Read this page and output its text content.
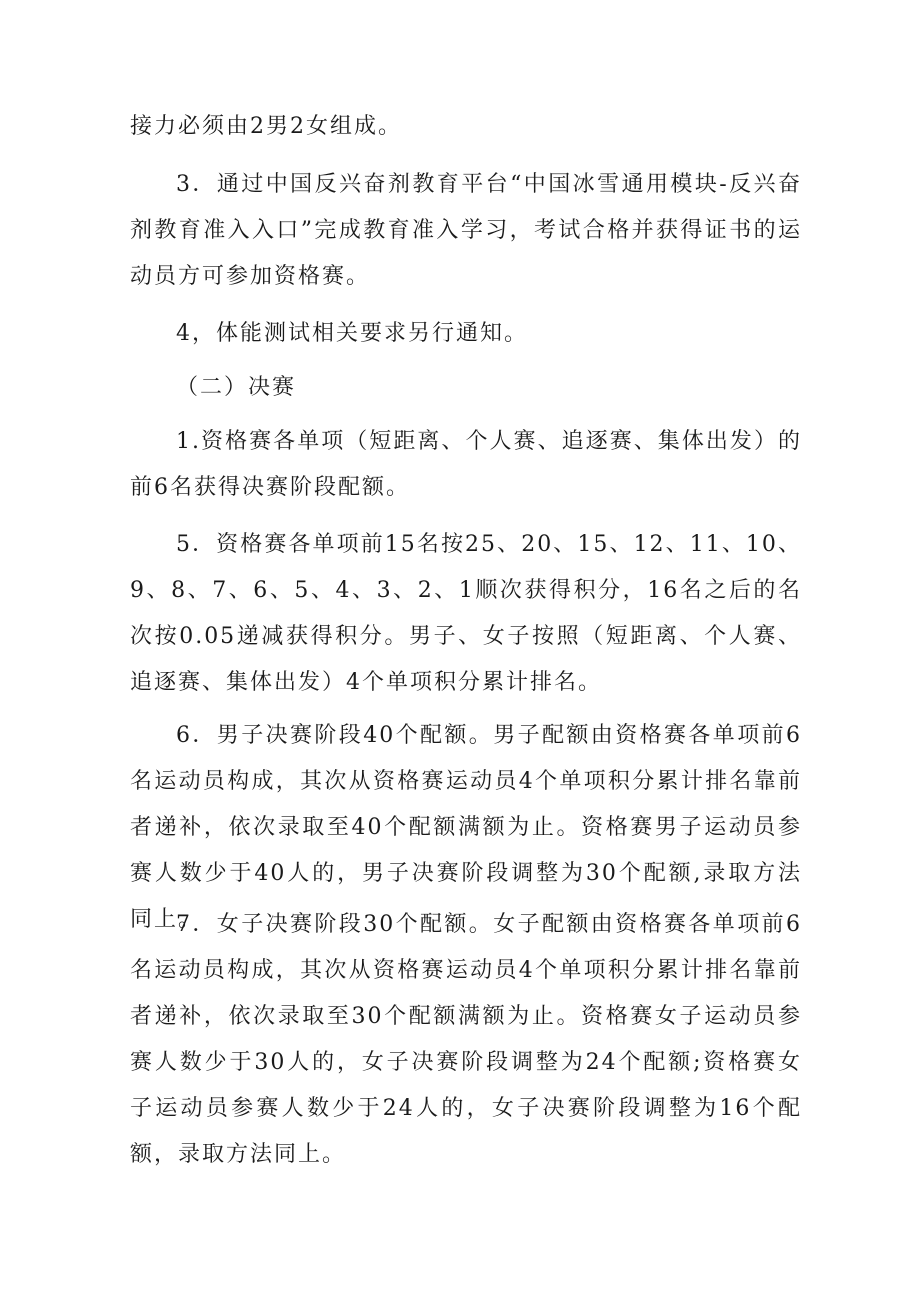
接力必须由2男2女组成。
3．通过中国反兴奋剂教育平台“中国冰雪通用模块-反兴奋剂教育准入入口”完成教育准入学习，考试合格并获得证书的运动员方可参加资格赛。
4，体能测试相关要求另行通知。
（二）决赛
1.资格赛各单项（短距离、个人赛、追逐赛、集体出发）的前6名获得决赛阶段配额。
5．资格赛各单项前15名按25、20、15、12、11、10、9、8、7、6、5、4、3、2、1顺次获得积分，16名之后的名次按0.05递减获得积分。男子、女子按照（短距离、个人赛、追逐赛、集体出发）4个单项积分累计排名。
6．男子决赛阶段40个配额。男子配额由资格赛各单项前6名运动员构成，其次从资格赛运动员4个单项积分累计排名靠前者递补，依次录取至40个配额满额为止。资格赛男子运动员参赛人数少于40人的，男子决赛阶段调整为30个配额,录取方法同上。
7．女子决赛阶段30个配额。女子配额由资格赛各单项前6名运动员构成，其次从资格赛运动员4个单项积分累计排名靠前者递补，依次录取至30个配额满额为止。资格赛女子运动员参赛人数少于30人的，女子决赛阶段调整为24个配额;资格赛女子运动员参赛人数少于24人的，女子决赛阶段调整为16个配额，录取方法同上。
